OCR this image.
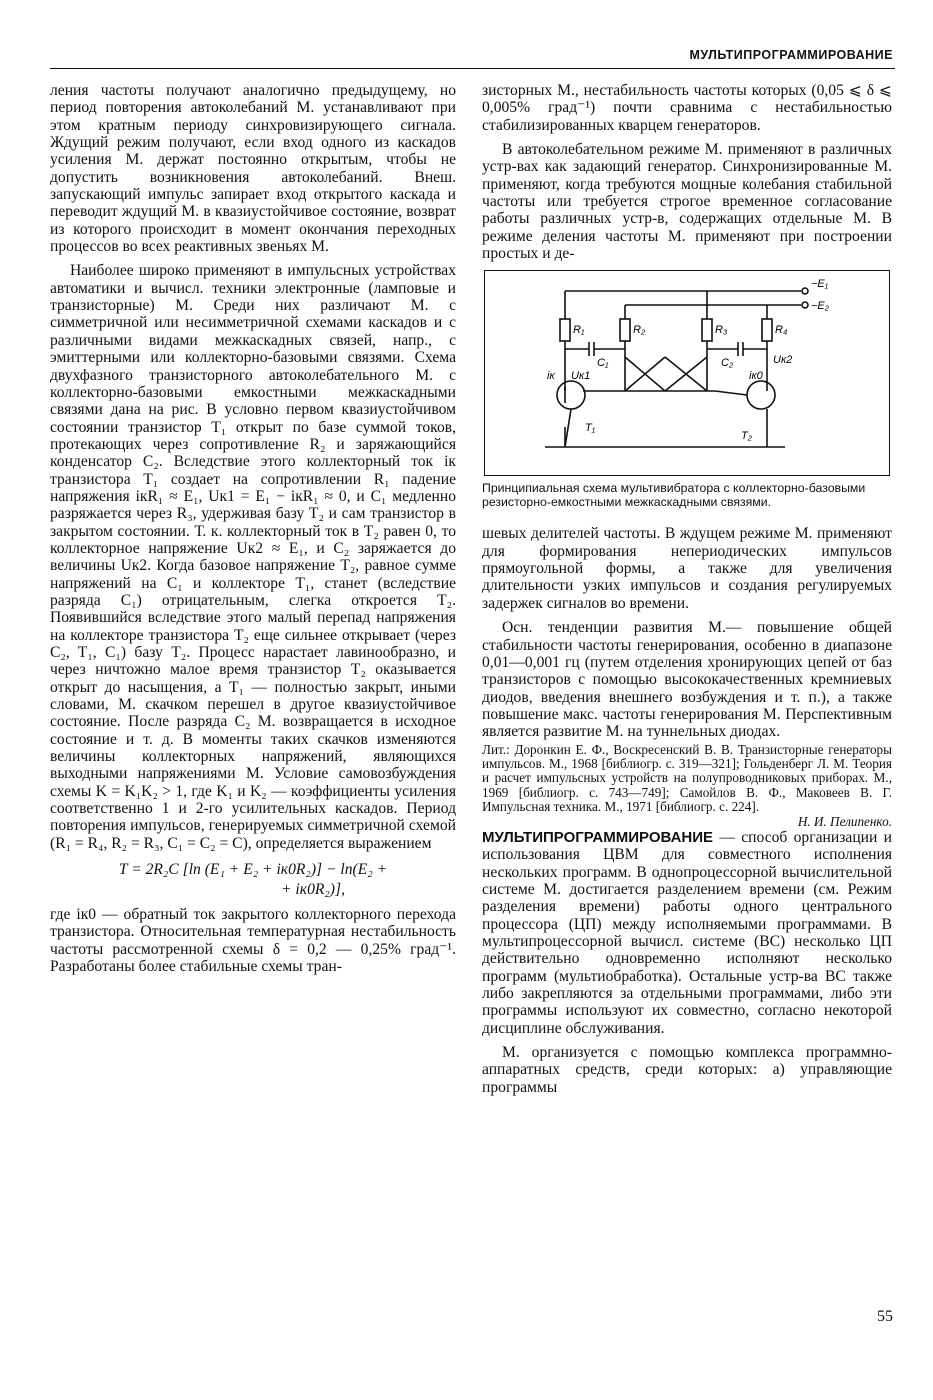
МУЛЬТИПРОГРАММИРОВАНИЕ

ления частоты получают аналогично предыдущему, но период повторения автоколебаний М. устанавливают при этом кратным периоду синхровизирующего сигнала. Ждущий режим получают, если вход одного из каскадов усиления М. держат постоянно открытым, чтобы не допустить возникновения автоколебаний. Внеш. запускающий импульс запирает вход открытого каскада и переводит ждущий М. в квазиустойчивое состояние, возврат из которого происходит в момент окончания переходных процессов во всех реактивных звеньях М.

Наиболее широко применяют в импульсных устройствах автоматики и вычисл. техники электронные (ламповые и транзисторные) М. Среди них различают М. с симметричной или несимметричной схемами каскадов и с различными видами межкаскадных связей, напр., с эмиттерными или коллекторно-базовыми связями. Схема двухфазного транзисторного автоколебательного М. с коллекторно-базовыми емкостными межкаскадными связями дана на рис. В условно первом квазиустойчивом состоянии транзистор T₁ открыт по базе суммой токов, протекающих через сопротивление R₂ и заряжающийся конденсатор C₂. Вследствие этого коллекторный ток iк транзистора T₁ создает на сопротивлении R₁ падение напряжения iкR₁ ≈ E₁, Uк1 = E₁ − iкR₁ ≈ 0, и C₁ медленно разряжается через R₃, удерживая базу T₂ и сам транзистор в закрытом состоянии. Т. к. коллекторный ток в T₂ равен 0, то коллекторное напряжение Uк2 ≈ E₁, и C₂ заряжается до величины Uк2. Когда базовое напряжение T₂, равное сумме напряжений на C₁ и коллекторе T₁, станет (вследствие разряда C₁) отрицательным, слегка откроется T₂. Появившийся вследствие этого малый перепад напряжения на коллекторе транзистора T₂ еще сильнее открывает (через C₂, T₁, C₁) базу T₂. Процесс нарастает лавинообразно, и через ничтожно малое время транзистор T₂ оказывается открыт до насыщения, а T₁ — полностью закрыт, иными словами, М. скачком перешел в другое квазиустойчивое состояние. После разряда C₂ М. возвращается в исходное состояние и т. д. В моменты таких скачков изменяются величины коллекторных напряжений, являющихся выходными напряжениями М. Условие самовозбуждения схемы K = K₁K₂ > 1, где K₁ и K₂ — коэффициенты усиления соответственно 1 и 2-го усилительных каскадов. Период повторения импульсов, генерируемых симметричной схемой (R₁ = R₄, R₂ = R₃, C₁ = C₂ = C), определяется выражением

T = 2R₂C [ln (E₁ + E₂ + iк0R₂)] − ln(E₂ +
+ iк0R₂)],

где iк0 — обратный ток закрытого коллекторного перехода транзистора. Относительная температурная нестабильность частоты рассмотренной схемы δ = 0,2 — 0,25% град⁻¹. Разработаны более стабильные схемы тран-

зисторных М., нестабильность частоты которых (0,05 ⩽ δ ⩽ 0,005% град⁻¹) почти сравнима с нестабильностью стабилизированных кварцем генераторов.

В автоколебательном режиме М. применяют в различных устр-вах как задающий генератор. Синхронизированные М. применяют, когда требуются мощные колебания стабильной частоты или требуется строгое временное согласование работы различных устр-в, содержащих отдельные М. В режиме деления частоты М. применяют при построении простых и де-

−E₁
−E₂
R₁	R₂	R₃	R₄
C₁	C₂
iк Uк1
Uк2
iк0
T₁
T₂
Принципиальная схема мультивибратора с коллекторно-базовыми резисторно-емкостными межкаскадными связями.

шевых делителей частоты. В ждущем режиме М. применяют для формирования непериодических импульсов прямоугольной формы, а также для увеличения длительности узких импульсов и создания регулируемых задержек сигналов во времени.

Осн. тенденции развития М.— повышение общей стабильности частоты генерирования, особенно в диапазоне 0,01—0,001 гц (путем отделения хронирующих цепей от баз транзисторов с помощью высококачественных кремниевых диодов, введения внешнего возбуждения и т. п.), а также повышение макс. частоты генерирования М. Перспективным является развитие М. на туннельных диодах.

Лит.: Доронкин Е. Ф., Воскресенский В. В. Транзисторные генераторы импульсов. М., 1968 [библиогр. с. 319—321]; Гольденберг Л. М. Теория и расчет импульсных устройств на полупроводниковых приборах. М., 1969 [библиогр. с. 743—749]; Самойлов В. Ф., Маковеев В. Г. Импульсная техника. М., 1971 [библиогр. с. 224].
Н. И. Пелипенко.

МУЛЬТИПРОГРАММИРОВАНИЕ — способ организации и использования ЦВМ для совместного исполнения нескольких программ. В однопроцессорной вычислительной системе М. достигается разделением времени (см. Режим разделения времени) работы одного центрального процессора (ЦП) между исполняемыми программами. В мультипроцессорной вычисл. системе (ВС) несколько ЦП действительно одновременно исполняют несколько программ (мультиобработка). Остальные устр-ва ВС также либо закрепляются за отдельными программами, либо эти программы используют их совместно, согласно некоторой дисциплине обслуживания.

М. организуется с помощью комплекса программно-аппаратных средств, среди которых: а) управляющие программы

55
